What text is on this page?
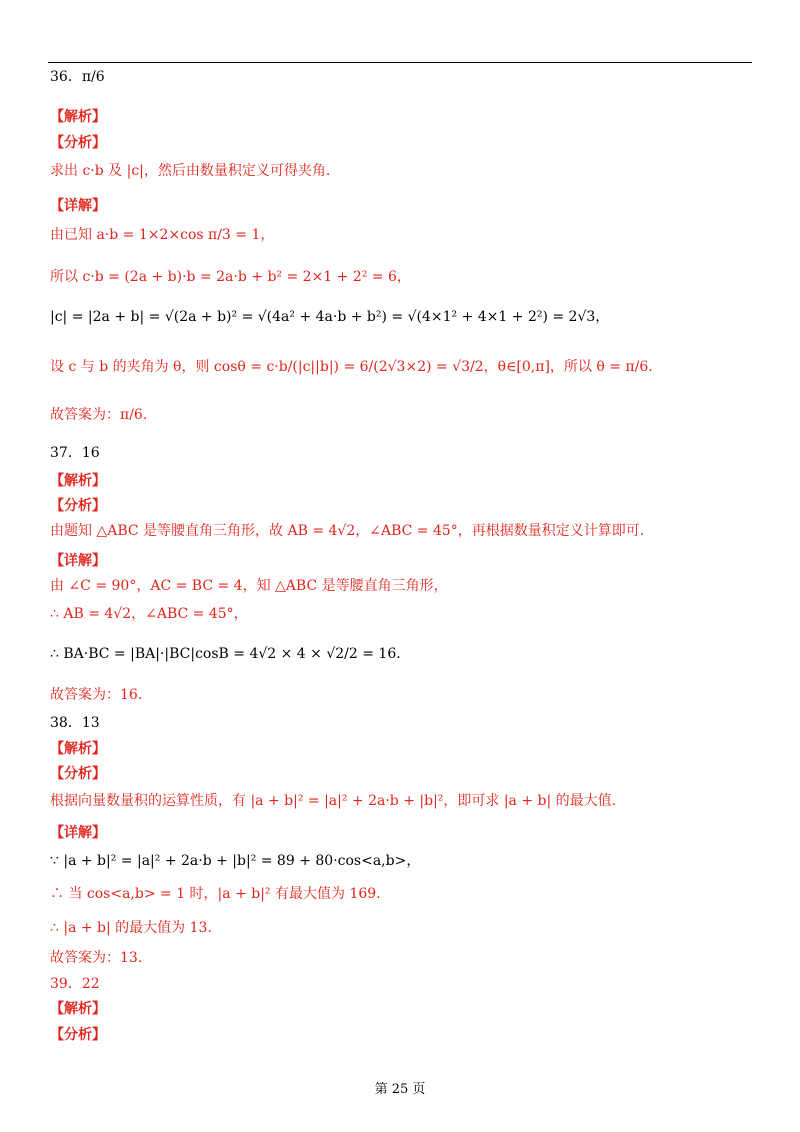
36．π/6
【解析】
【分析】
求出 c·b 及 |c|，然后由数量积定义可得夹角.
【详解】
由已知 a·b = 1×2×cos π/3 = 1，
所以 c·b = (2a + b)·b = 2a·b + b² = 2×1 + 2² = 6，
|c| = |2a + b| = √(2a + b)² = √(4a² + 4a·b + b²) = √(4×1² + 4×1 + 2²) = 2√3，
设 c 与 b 的夹角为 θ，则 cosθ = c·b/(|c||b|) = 6/(2√3×2) = √3/2，θ∈[0,π]，所以 θ = π/6.
故答案为：π/6.
37．16
【解析】
【分析】
由题知 △ABC 是等腰直角三角形，故 AB = 4√2，∠ABC = 45°，再根据数量积定义计算即可.
【详解】
由 ∠C = 90°，AC = BC = 4，知 △ABC 是等腰直角三角形，
∴ AB = 4√2，∠ABC = 45°，
∴ BA·BC = |BA|·|BC|cosB = 4√2 × 4 × √2/2 = 16.
故答案为：16.
38．13
【解析】
【分析】
根据向量数量积的运算性质，有 |a + b|² = |a|² + 2a·b + |b|²，即可求 |a + b| 的最大值.
【详解】
∵ |a + b|² = |a|² + 2a·b + |b|² = 89 + 80·cos<a,b>，
∴ 当 cos<a,b> = 1 时，|a + b|² 有最大值为 169.
∴ |a + b| 的最大值为 13.
故答案为：13.
39．22
【解析】
【分析】
第 25 页
